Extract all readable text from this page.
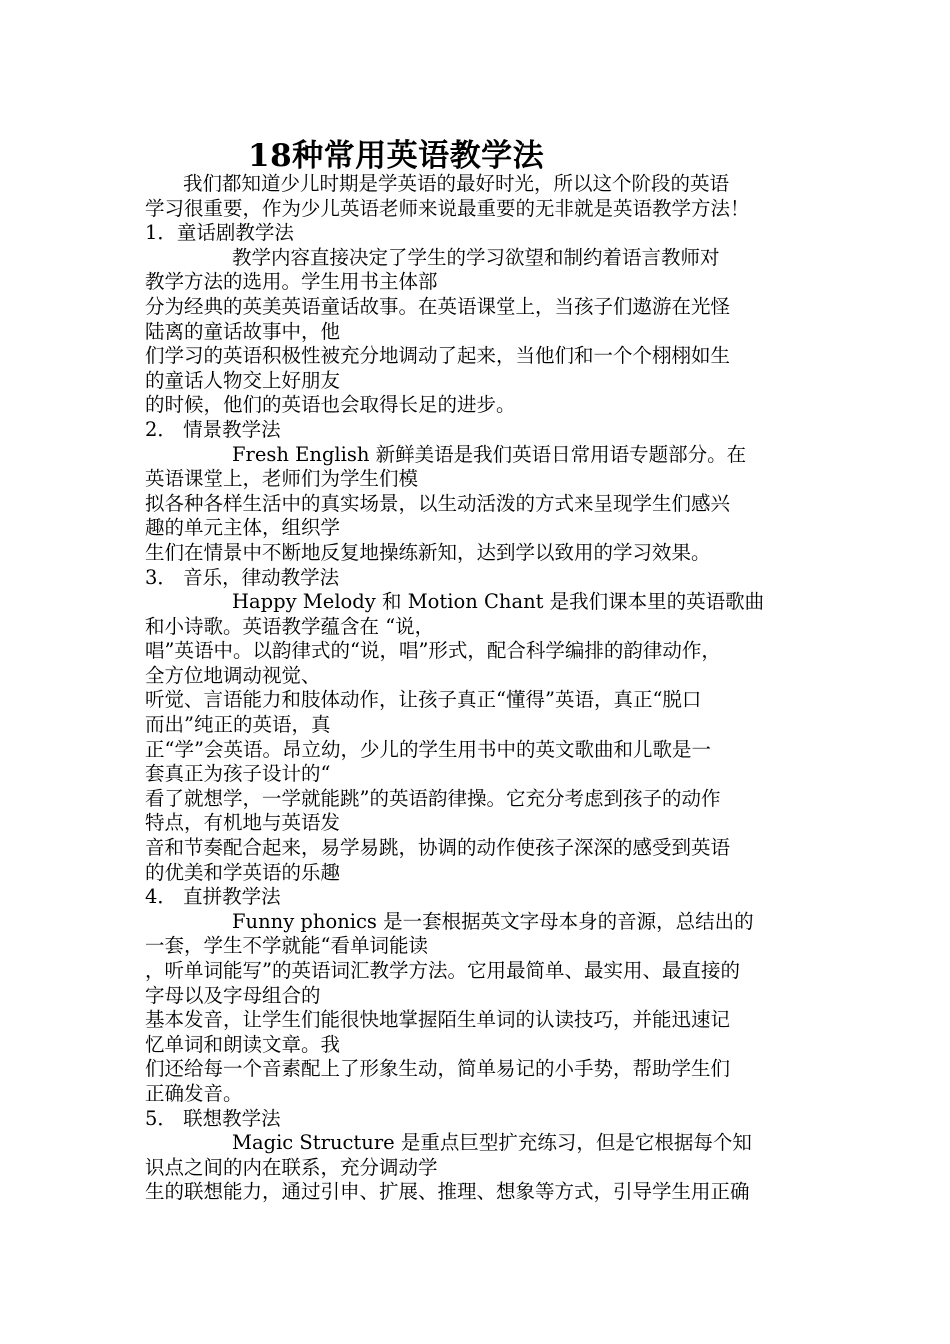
18种常用英语教学法
我们都知道少儿时期是学英语的最好时光，所以这个阶段的英语
学习很重要，作为少儿英语老师来说最重要的无非就是英语教学方法！
1．童话剧教学法
教学内容直接决定了学生的学习欲望和制约着语言教师对
教学方法的选用。学生用书主体部
分为经典的英美英语童话故事。在英语课堂上，当孩子们遨游在光怪
陆离的童话故事中，他
们学习的英语积极性被充分地调动了起来，当他们和一个个栩栩如生
的童话人物交上好朋友
的时候，他们的英语也会取得长足的进步。
2． 情景教学法
Fresh English 新鲜美语是我们英语日常用语专题部分。在
英语课堂上，老师们为学生们模
拟各种各样生活中的真实场景，以生动活泼的方式来呈现学生们感兴
趣的单元主体，组织学
生们在情景中不断地反复地操练新知，达到学以致用的学习效果。
3． 音乐，律动教学法
Happy Melody 和 Motion Chant 是我们课本里的英语歌曲
和小诗歌。英语教学蕴含在 “说，
唱”英语中。以韵律式的“说，唱”形式，配合科学编排的韵律动作，
全方位地调动视觉、
听觉、言语能力和肢体动作，让孩子真正“懂得”英语，真正“脱口
而出”纯正的英语，真
正“学”会英语。昂立幼，少儿的学生用书中的英文歌曲和儿歌是一
套真正为孩子设计的“
看了就想学，一学就能跳”的英语韵律操。它充分考虑到孩子的动作
特点，有机地与英语发
音和节奏配合起来，易学易跳，协调的动作使孩子深深的感受到英语
的优美和学英语的乐趣
4． 直拼教学法
Funny phonics 是一套根据英文字母本身的音源，总结出的
一套，学生不学就能“看单词能读
，听单词能写”的英语词汇教学方法。它用最简单、最实用、最直接的
字母以及字母组合的
基本发音，让学生们能很快地掌握陌生单词的认读技巧，并能迅速记
忆单词和朗读文章。我
们还给每一个音素配上了形象生动，简单易记的小手势，帮助学生们
正确发音。
5． 联想教学法
Magic Structure 是重点巨型扩充练习，但是它根据每个知
识点之间的内在联系，充分调动学
生的联想能力，通过引申、扩展、推理、想象等方式，引导学生用正确
